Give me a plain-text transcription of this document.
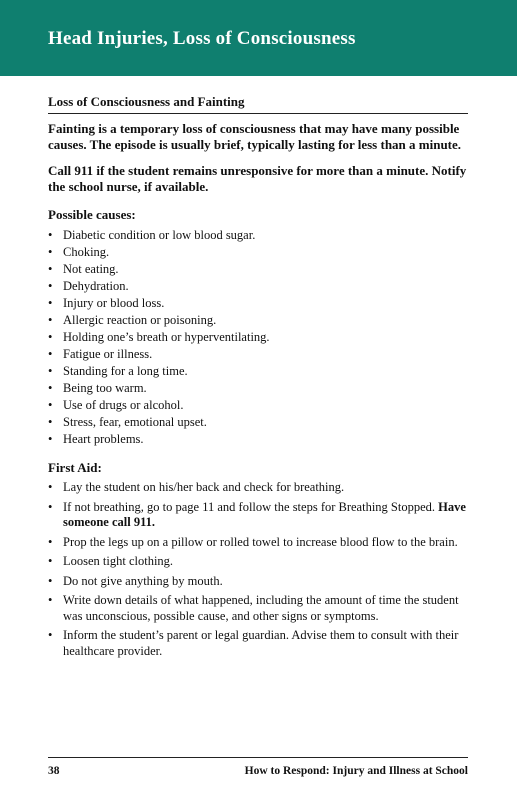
Head Injuries, Loss of Consciousness
Loss of Consciousness and Fainting

Fainting is a temporary loss of consciousness that may have many possible causes. The episode is usually brief, typically lasting for less than a minute.

Call 911 if the student remains unresponsive for more than a minute. Notify the school nurse, if available.

Possible causes:
• Diabetic condition or low blood sugar.
• Choking.
• Not eating.
• Dehydration.
• Injury or blood loss.
• Allergic reaction or poisoning.
• Holding one’s breath or hyperventilating.
• Fatigue or illness.
• Standing for a long time.
• Being too warm.
• Use of drugs or alcohol.
• Stress, fear, emotional upset.
• Heart problems.
First Aid:
• Lay the student on his/her back and check for breathing.
• If not breathing, go to page 11 and follow the steps for Breathing Stopped. Have someone call 911.
• Prop the legs up on a pillow or rolled towel to increase blood flow to the brain.
• Loosen tight clothing.
• Do not give anything by mouth.
• Write down details of what happened, including the amount of time the student was unconscious, possible cause, and other signs or symptoms.
• Inform the student’s parent or legal guardian. Advise them to consult with their healthcare provider.
38	How to Respond: Injury and Illness at School
